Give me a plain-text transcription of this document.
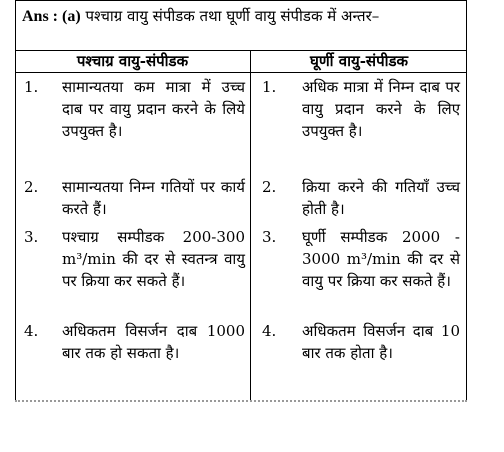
Ans : (a) पश्चाग्र वायु संपीडक तथा घूर्णी वायु संपीडक में अन्तर–
पश्चाग्र वायु-संपीडक	घूर्णी वायु-संपीडक
1. सामान्यतया कम मात्रा में उच्च दाब पर वायु प्रदान करने के लिये उपयुक्त है।
1. अधिक मात्रा में निम्न दाब पर वायु प्रदान करने के लिए उपयुक्त है।
2. सामान्यतया निम्न गतियों पर कार्य करते हैं।
2. क्रिया करने की गतियाँ उच्च होती है।
3. पश्चाग्र सम्पीडक 200-300 m³/min की दर से स्वतन्त्र वायु पर क्रिया कर सकते हैं।
3. घूर्णी सम्पीडक 2000 - 3000 m³/min की दर से वायु पर क्रिया कर सकते हैं।
4. अधिकतम विसर्जन दाब 1000 बार तक हो सकता है।
4. अधिकतम विसर्जन दाब 10 बार तक होता है।
